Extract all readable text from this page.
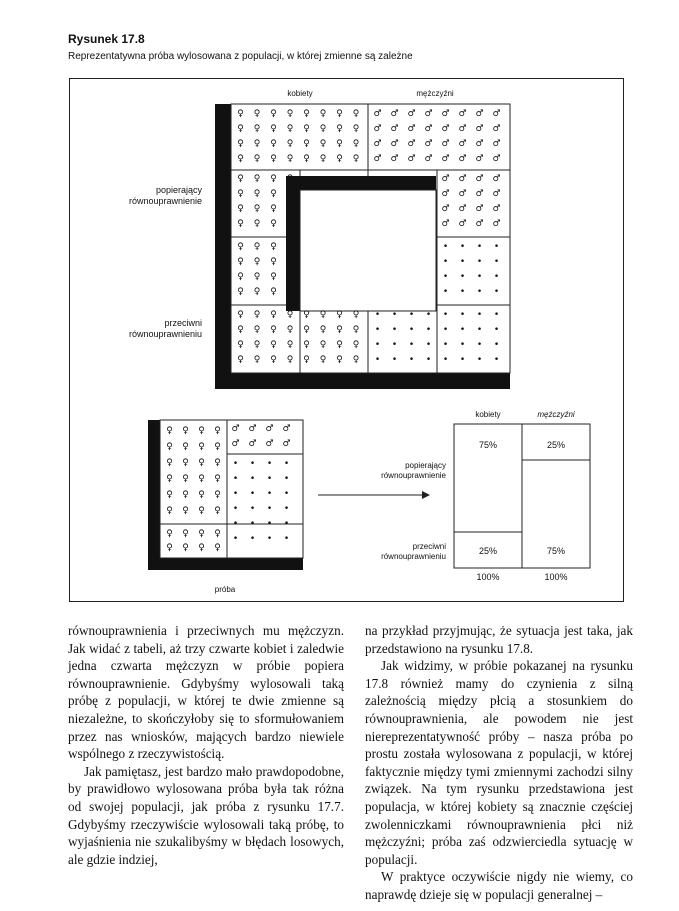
Rysunek 17.8
Reprezentatywna próba wylosowana z populacji, w której zmienne są zależne
kobiety	mężczyźni
popierający
równouprawnienie
przeciwni
równouprawnieniu
♀ ♀ ♀ ♀ ♀ ♀ ♀ ♀
♀ ♀ ♀ ♀ ♀ ♀ ♀ ♀
♀ ♀ ♀ ♀ ♀ ♀ ♀ ♀
♀ ♀ ♀ ♀ ♀ ♀ ♀ ♀
♀ ♀ ♀ ♀
♀ ♀ ♀ ♀
♀ ♀ ♀ ♀
♀ ♀ ♀ ♀
♂ ♂ ♂ ♂ ♂ ♂ ♂ ♂
♂ ♂ ♂ ♂ ♂ ♂ ♂ ♂
♂ ♂ ♂ ♂ ♂ ♂ ♂ ♂
♂ ♂ ♂ ♂ ♂ ♂ ♂ ♂
♂ ♂ ♂ ♂
♂ ♂ ♂ ♂
♂ ♂ ♂ ♂
♂ ♂ ♂ ♂
♀ ♀ ♀ ♀
♀ ♀ ♀ ♀
♀ ♀ ♀ ♀
♀ ♀ ♀ ♀
♀ ♀ ♀ ♀ ♀ ♀ ♀ ♀
♀ ♀ ♀ ♀ ♀ ♀ ♀ ♀
♀ ♀ ♀ ♀ ♀ ♀ ♀ ♀
♀ ♀ ♀ ♀ ♀ ♀ ♀ ♀
•	•	•	•
•	•	•	•
•	•	•	•
•	•	•	•
•	•	•	•	•	•	•	•
•	•	•	•	•	•	•	•
•	•	•	•	•	•	•	•
•	•	•	•	•	•	•	•
♀ ♀ ♀ ♀
♀ ♀ ♀ ♀
♀ ♀ ♀ ♀
♀ ♀ ♀ ♀
♀ ♀ ♀ ♀
♀ ♀ ♀ ♀
♂ ♂ ♂ ♂
♂ ♂ ♂ ♂
♀ ♀ ♀ ♀
♀ ♀ ♀ ♀
•	•	•	•
•	•	•	•
•	•	•	•
•	•	•	•
•	•	•	•
•	•	•	•
próba
kobiety	mężczyźni
popierający
równouprawnienie
przeciwni
równouprawnieniu
75%	25%
25%	75%
100%	100%

równouprawnienia i przeciwnych mu mężczyzn. Jak widać z tabeli, aż trzy czwarte kobiet i zaledwie jedna czwarta mężczyzn w próbie popiera równouprawnienie. Gdybyśmy wylosowali taką próbę z populacji, w której te dwie zmienne są niezależne, to skończyłoby się to sformułowaniem przez nas wniosków, mających bardzo niewiele wspólnego z rzeczywistością.

Jak pamiętasz, jest bardzo mało prawdopodobne, by prawidłowo wylosowana próba była tak różna od swojej populacji, jak próba z rysunku 17.7. Gdybyśmy rzeczywiście wylosowali taką próbę, to wyjaśnienia nie szukalibyśmy w błędach losowych, ale gdzie indziej,

na przykład przyjmując, że sytuacja jest taka, jak przedstawiono na rysunku 17.8.

Jak widzimy, w próbie pokazanej na rysunku 17.8 również mamy do czynienia z silną zależnością między płcią a stosunkiem do równouprawnienia, ale powodem nie jest niereprezentatywność próby – nasza próba po prostu została wylosowana z populacji, w której faktycznie między tymi zmiennymi zachodzi silny związek. Na tym rysunku przedstawiona jest populacja, w której kobiety są znacznie częściej zwolenniczkami równouprawnienia płci niż mężczyźni; próba zaś odzwierciedla sytuację w populacji.

W praktyce oczywiście nigdy nie wiemy, co naprawdę dzieje się w populacji generalnej –
